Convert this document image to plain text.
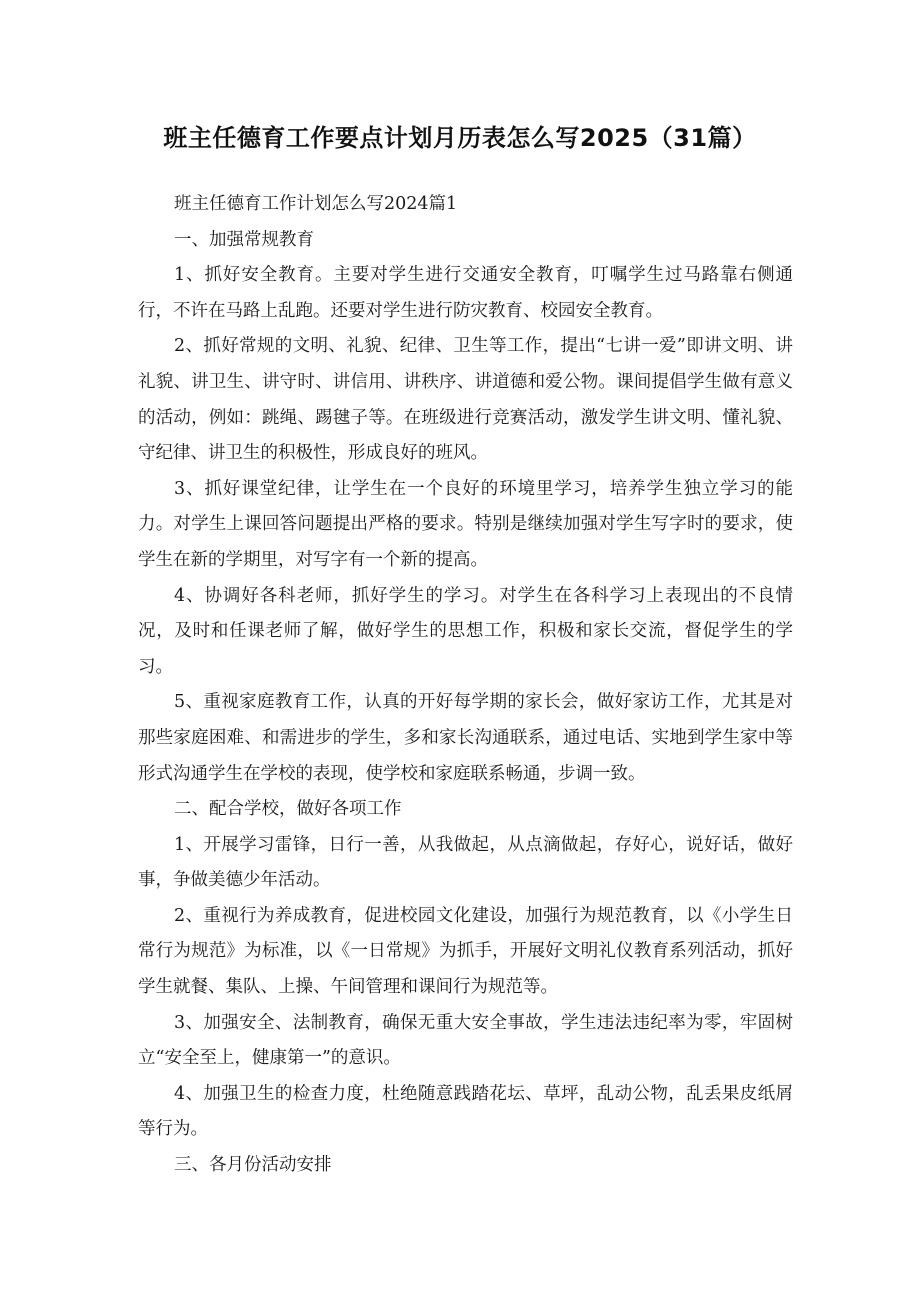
班主任德育工作要点计划月历表怎么写2025（31篇）

班主任德育工作计划怎么写2024篇1

一、加强常规教育

1、抓好安全教育。主要对学生进行交通安全教育，叮嘱学生过马路靠右侧通行，不许在马路上乱跑。还要对学生进行防灾教育、校园安全教育。

2、抓好常规的文明、礼貌、纪律、卫生等工作，提出“七讲一爱”即讲文明、讲礼貌、讲卫生、讲守时、讲信用、讲秩序、讲道德和爱公物。课间提倡学生做有意义的活动，例如：跳绳、踢毽子等。在班级进行竞赛活动，激发学生讲文明、懂礼貌、守纪律、讲卫生的积极性，形成良好的班风。

3、抓好课堂纪律，让学生在一个良好的环境里学习，培养学生独立学习的能力。对学生上课回答问题提出严格的要求。特别是继续加强对学生写字时的要求，使学生在新的学期里，对写字有一个新的提高。

4、协调好各科老师，抓好学生的学习。对学生在各科学习上表现出的不良情况，及时和任课老师了解，做好学生的思想工作，积极和家长交流，督促学生的学习。

5、重视家庭教育工作，认真的开好每学期的家长会，做好家访工作，尤其是对那些家庭困难、和需进步的学生，多和家长沟通联系，通过电话、实地到学生家中等形式沟通学生在学校的表现，使学校和家庭联系畅通，步调一致。

二、配合学校，做好各项工作

1、开展学习雷锋，日行一善，从我做起，从点滴做起，存好心，说好话，做好事，争做美德少年活动。

2、重视行为养成教育，促进校园文化建设，加强行为规范教育，以《小学生日常行为规范》为标准，以《一日常规》为抓手，开展好文明礼仪教育系列活动，抓好学生就餐、集队、上操、午间管理和课间行为规范等。

3、加强安全、法制教育，确保无重大安全事故，学生违法违纪率为零，牢固树立“安全至上，健康第一”的意识。

4、加强卫生的检查力度，杜绝随意践踏花坛、草坪，乱动公物，乱丢果皮纸屑等行为。

三、各月份活动安排
